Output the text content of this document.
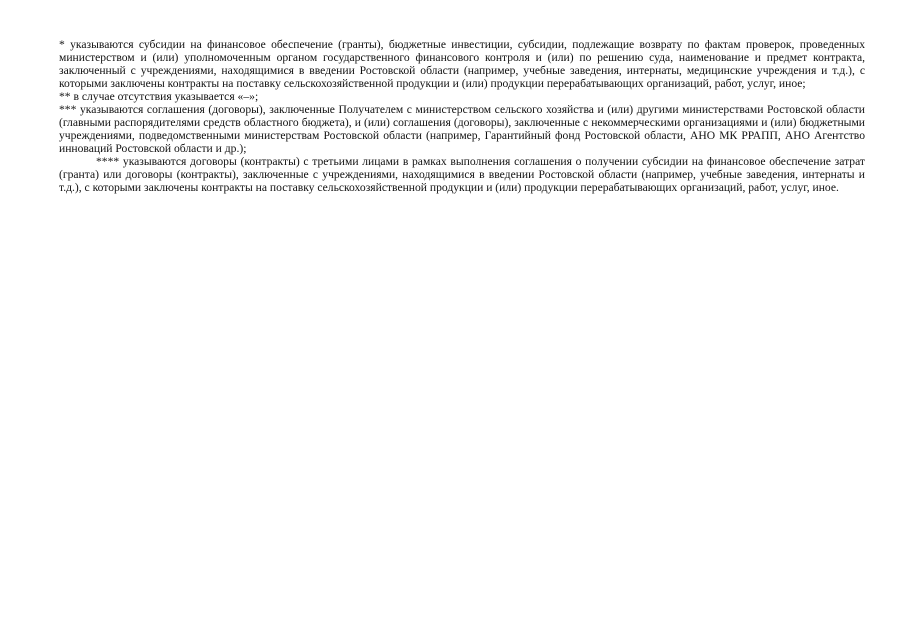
* указываются субсидии на финансовое обеспечение (гранты), бюджетные инвестиции, субсидии, подлежащие возврату по фактам проверок, проведенных министерством и (или) уполномоченным органом государственного финансового контроля и (или) по решению суда, наименование и предмет контракта, заключенный с учреждениями, находящимися в введении Ростовской области (например, учебные заведения, интернаты, медицинские учреждения и т.д.), с которыми заключены контракты на поставку сельскохозяйственной продукции и (или) продукции перерабатывающих организаций, работ, услуг, иное;

** в случае отсутствия указывается «–»;

*** указываются соглашения (договоры), заключенные Получателем с министерством сельского хозяйства и (или) другими министерствами Ростовской области (главными распорядителями средств областного бюджета), и (или) соглашения (договоры), заключенные с некоммерческими организациями и (или) бюджетными учреждениями, подведомственными министерствам Ростовской области (например, Гарантийный фонд Ростовской области, АНО МК РРАПП, АНО Агентство инноваций Ростовской области и др.);

**** указываются договоры (контракты) с третьими лицами в рамках выполнения соглашения о получении субсидии на финансовое обеспечение затрат (гранта) или договоры (контракты), заключенные с учреждениями, находящимися в введении Ростовской области (например, учебные заведения, интернаты и т.д.), с которыми заключены контракты на поставку сельскохозяйственной продукции и (или) продукции перерабатывающих организаций, работ, услуг, иное.
